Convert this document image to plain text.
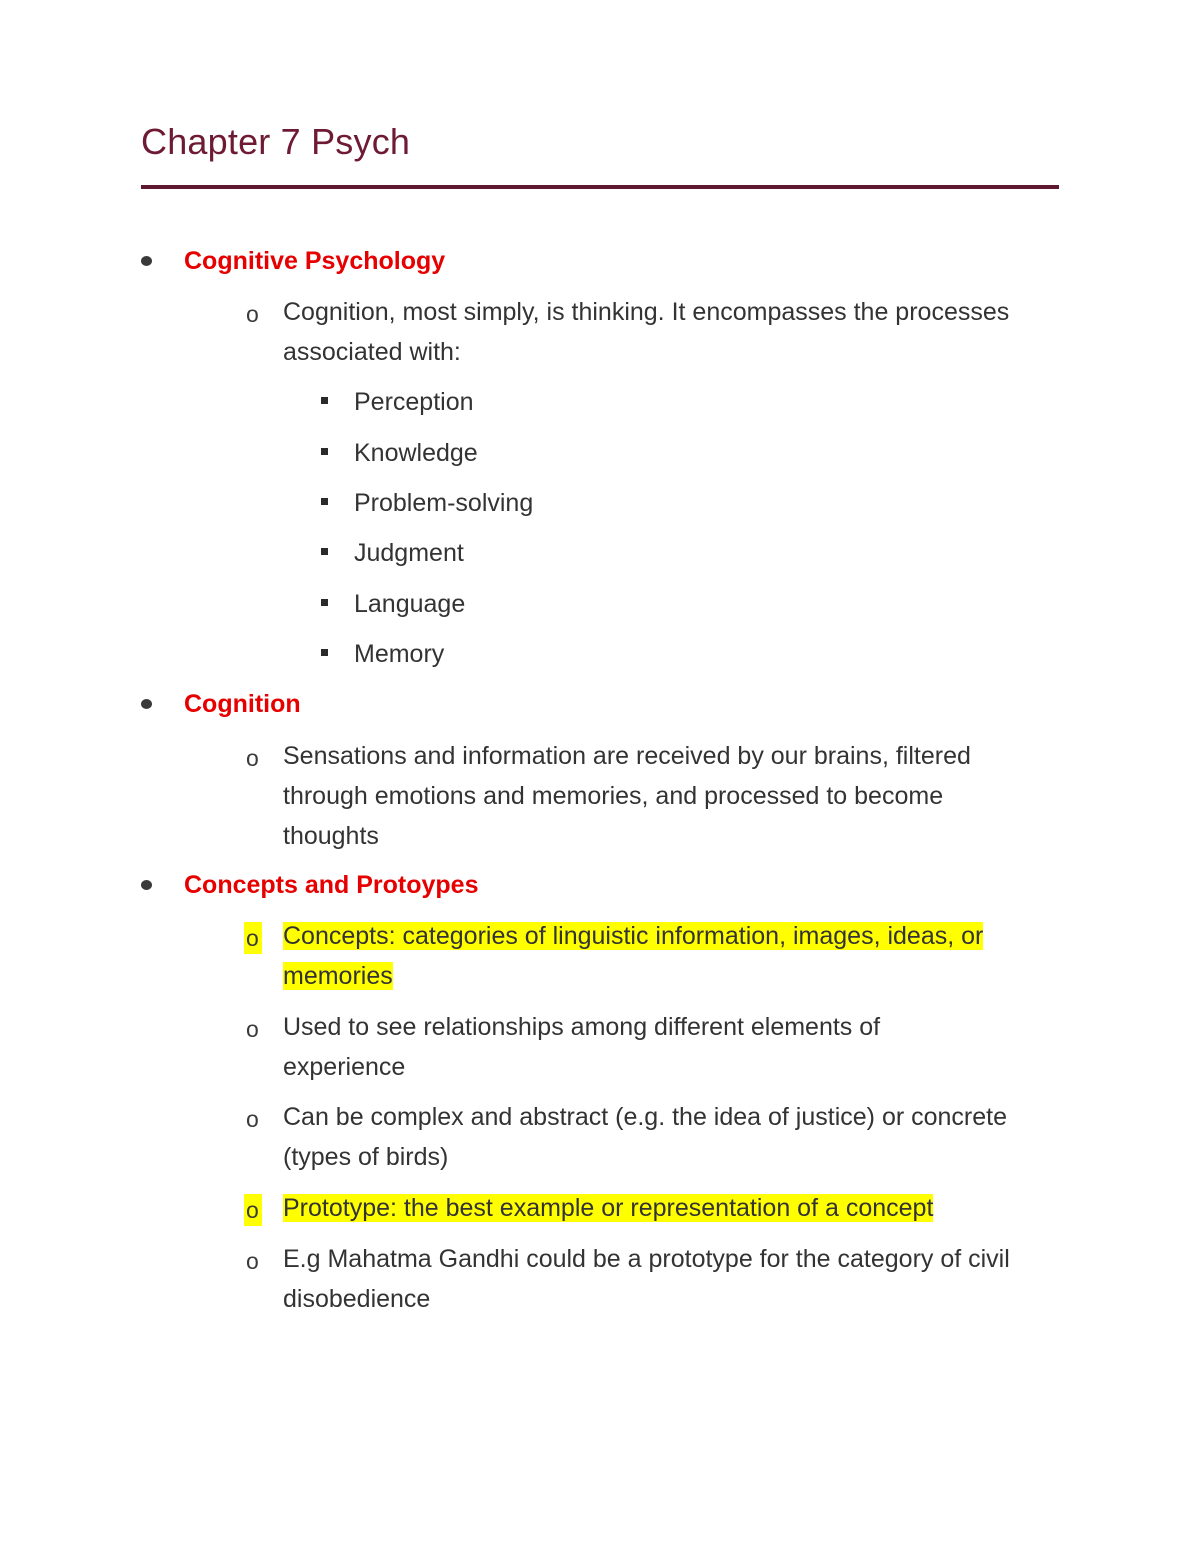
Chapter 7 Psych
Cognitive Psychology
o Cognition, most simply, is thinking. It encompasses the processes associated with:
Perception
Knowledge
Problem-solving
Judgment
Language
Memory
Cognition
o Sensations and information are received by our brains, filtered through emotions and memories, and processed to become thoughts
Concepts and Protoypes
o Concepts: categories of linguistic information, images, ideas, or memories
o Used to see relationships among different elements of experience
o Can be complex and abstract (e.g. the idea of justice) or concrete (types of birds)
o Prototype: the best example or representation of a concept
o E.g Mahatma Gandhi could be a prototype for the category of civil disobedience
